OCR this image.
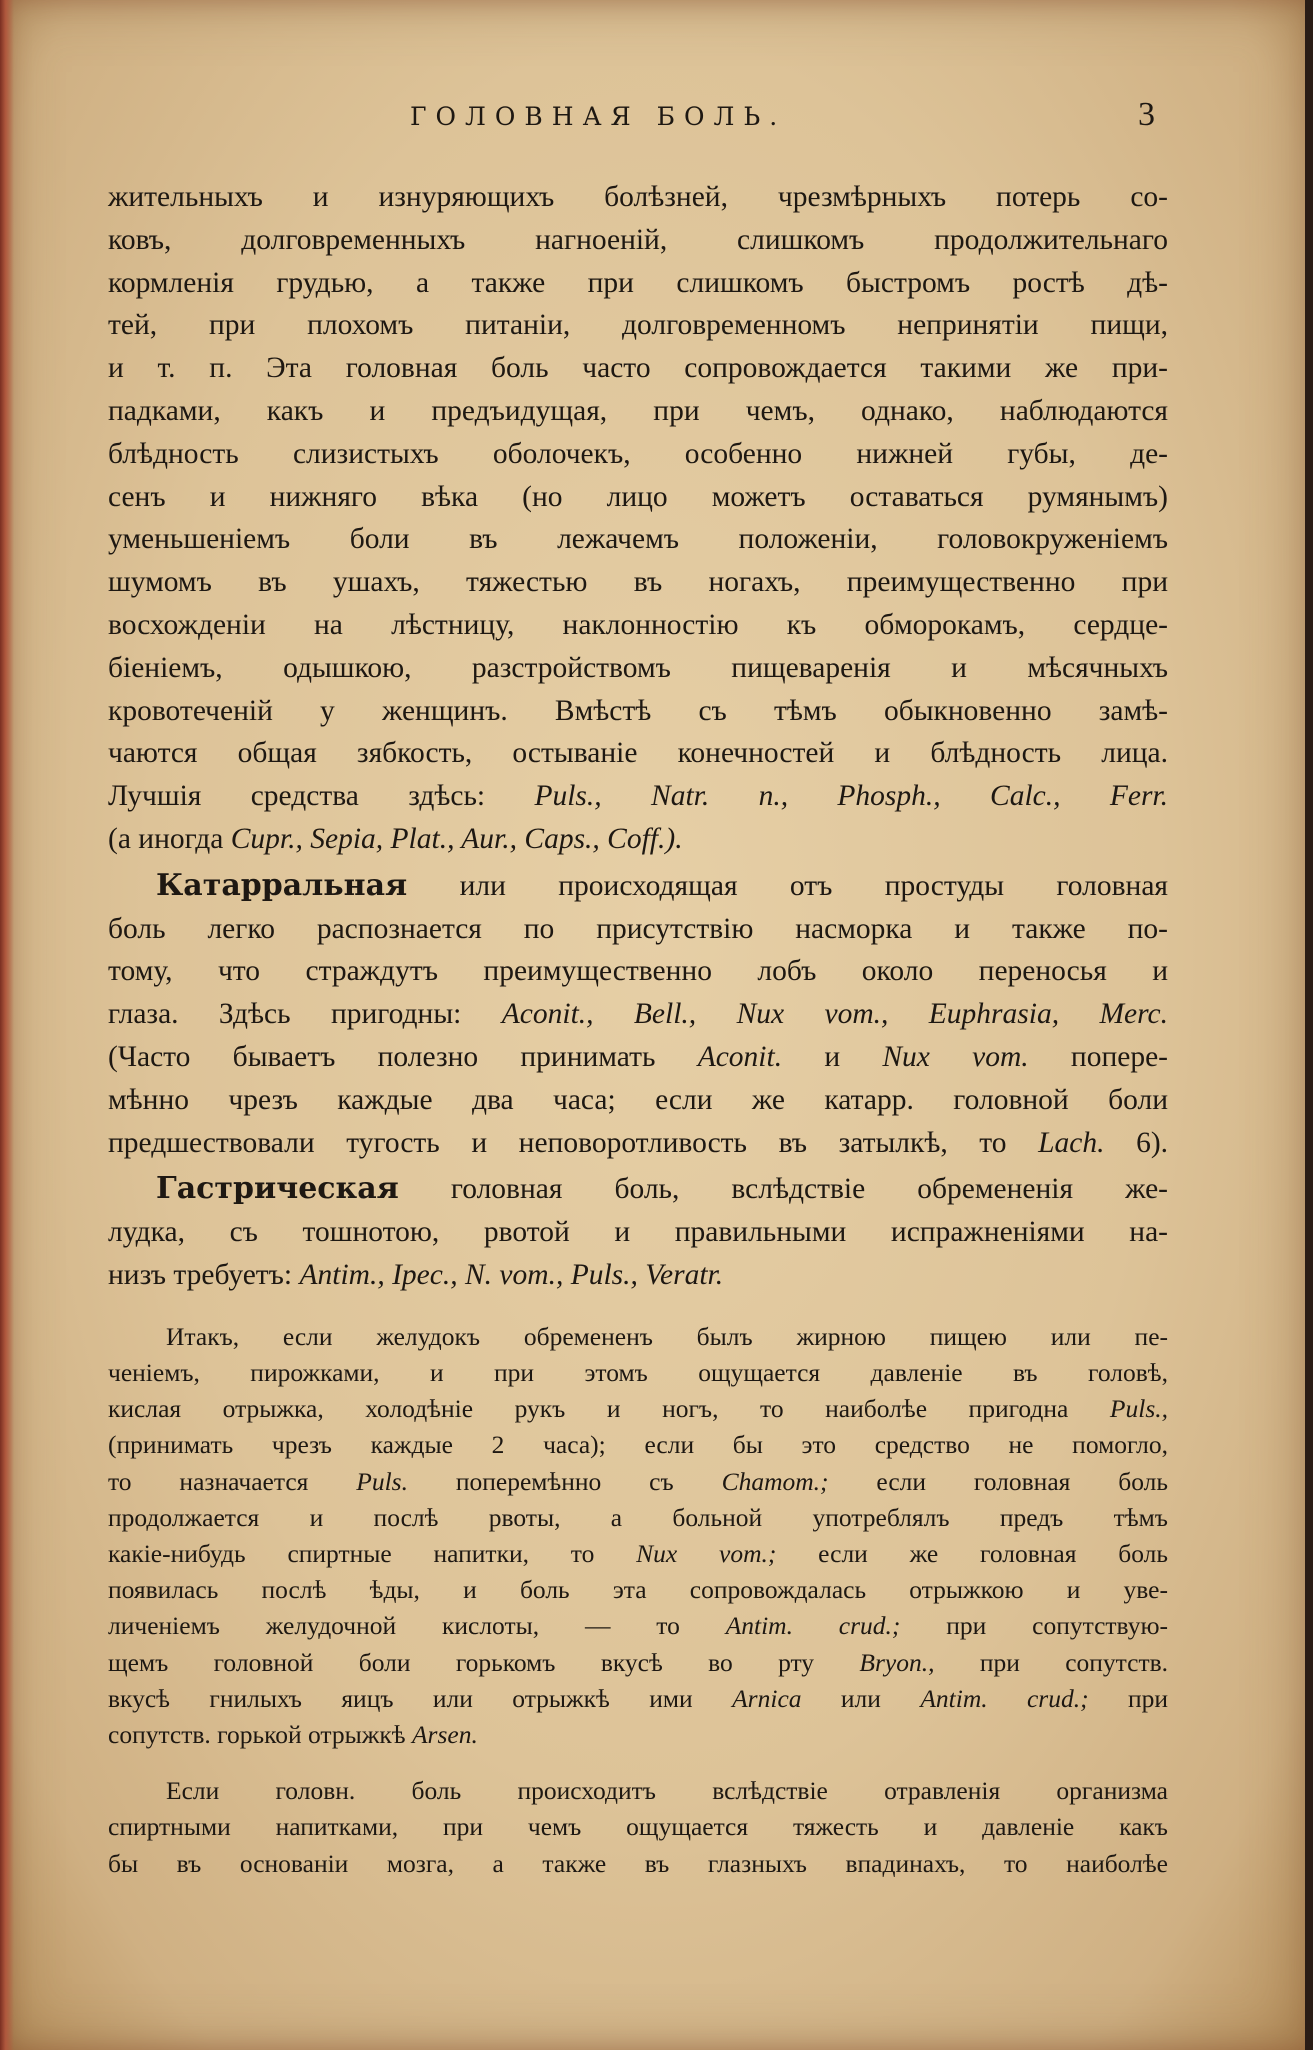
ГОЛОВНАЯ БОЛЬ.	3
жительныхъ и изнуряющихъ болѣзней, чрезмѣрныхъ потерь со-
ковъ, долговременныхъ нагноеній, слишкомъ продолжительнаго
кормленія грудью, а также при слишкомъ быстромъ ростѣ дѣ-
тей, при плохомъ питаніи, долговременномъ непринятіи пищи,
и т. п. Эта головная боль часто сопровождается такими же при-
падками, какъ и предъидущая, при чемъ, однако, наблюдаются
блѣдность слизистыхъ оболочекъ, особенно нижней губы, де-
сенъ и нижняго вѣка (но лицо можетъ оставаться румянымъ)
уменьшеніемъ боли въ лежачемъ положеніи, головокруженіемъ
шумомъ въ ушахъ, тяжестью въ ногахъ, преимущественно при
восхожденіи на лѣстницу, наклонностію къ обморокамъ, сердце-
біеніемъ, одышкою, разстройствомъ пищеваренія и мѣсячныхъ
кровотеченій у женщинъ. Вмѣстѣ съ тѣмъ обыкновенно замѣ-
чаются общая зябкость, остываніе конечностей и блѣдность лица.
Лучшія средства здѣсь: Puls., Natr. n., Phosph., Calc., Ferr.
(а иногда Cupr., Sepia, Plat., Aur., Caps., Coff.).
Катарральная или происходящая отъ простуды головная
боль легко распознается по присутствію насморка и также по-
тому, что страждутъ преимущественно лобъ около переносья и
глаза. Здѣсь пригодны: Aconit., Bell., Nux vom., Euphrasia, Merc.
(Часто бываетъ полезно принимать Aconit. и Nux vom. попере-
мѣнно чрезъ каждые два часа; если же катарр. головной боли
предшествовали тугость и неповоротливость въ затылкѣ, то Lach. 6).
Гастрическая головная боль, вслѣдствіе обремененія же-
лудка, съ тошнотою, рвотой и правильными испражненіями на-
низъ требуетъ: Antim., Ipec., N. vom., Puls., Veratr.
Итакъ, если желудокъ обремененъ былъ жирною пищею или пе-
ченіемъ, пирожками, и при этомъ ощущается давленіе въ головѣ,
кислая отрыжка, холодѣніе рукъ и ногъ, то наиболѣе пригодна Puls.,
(принимать чрезъ каждые 2 часа); если бы это средство не помогло,
то назначается Puls. поперемѣнно съ Chamom.; если головная боль
продолжается и послѣ рвоты, а больной употреблялъ предъ тѣмъ
какіе-нибудь спиртные напитки, то Nux vom.; если же головная боль
появилась послѣ ѣды, и боль эта сопровождалась отрыжкою и уве-
личеніемъ желудочной кислоты, — то Antim. crud.; при сопутствую-
щемъ головной боли горькомъ вкусѣ во рту Bryon., при сопутств.
вкусѣ гнилыхъ яицъ или отрыжкѣ ими Arnica или Antim. crud.; при
сопутств. горькой отрыжкѣ Arsen.
Если головн. боль происходитъ вслѣдствіе отравленія организма
спиртными напитками, при чемъ ощущается тяжесть и давленіе какъ
бы въ основаніи мозга, а также въ глазныхъ впадинахъ, то наиболѣе
